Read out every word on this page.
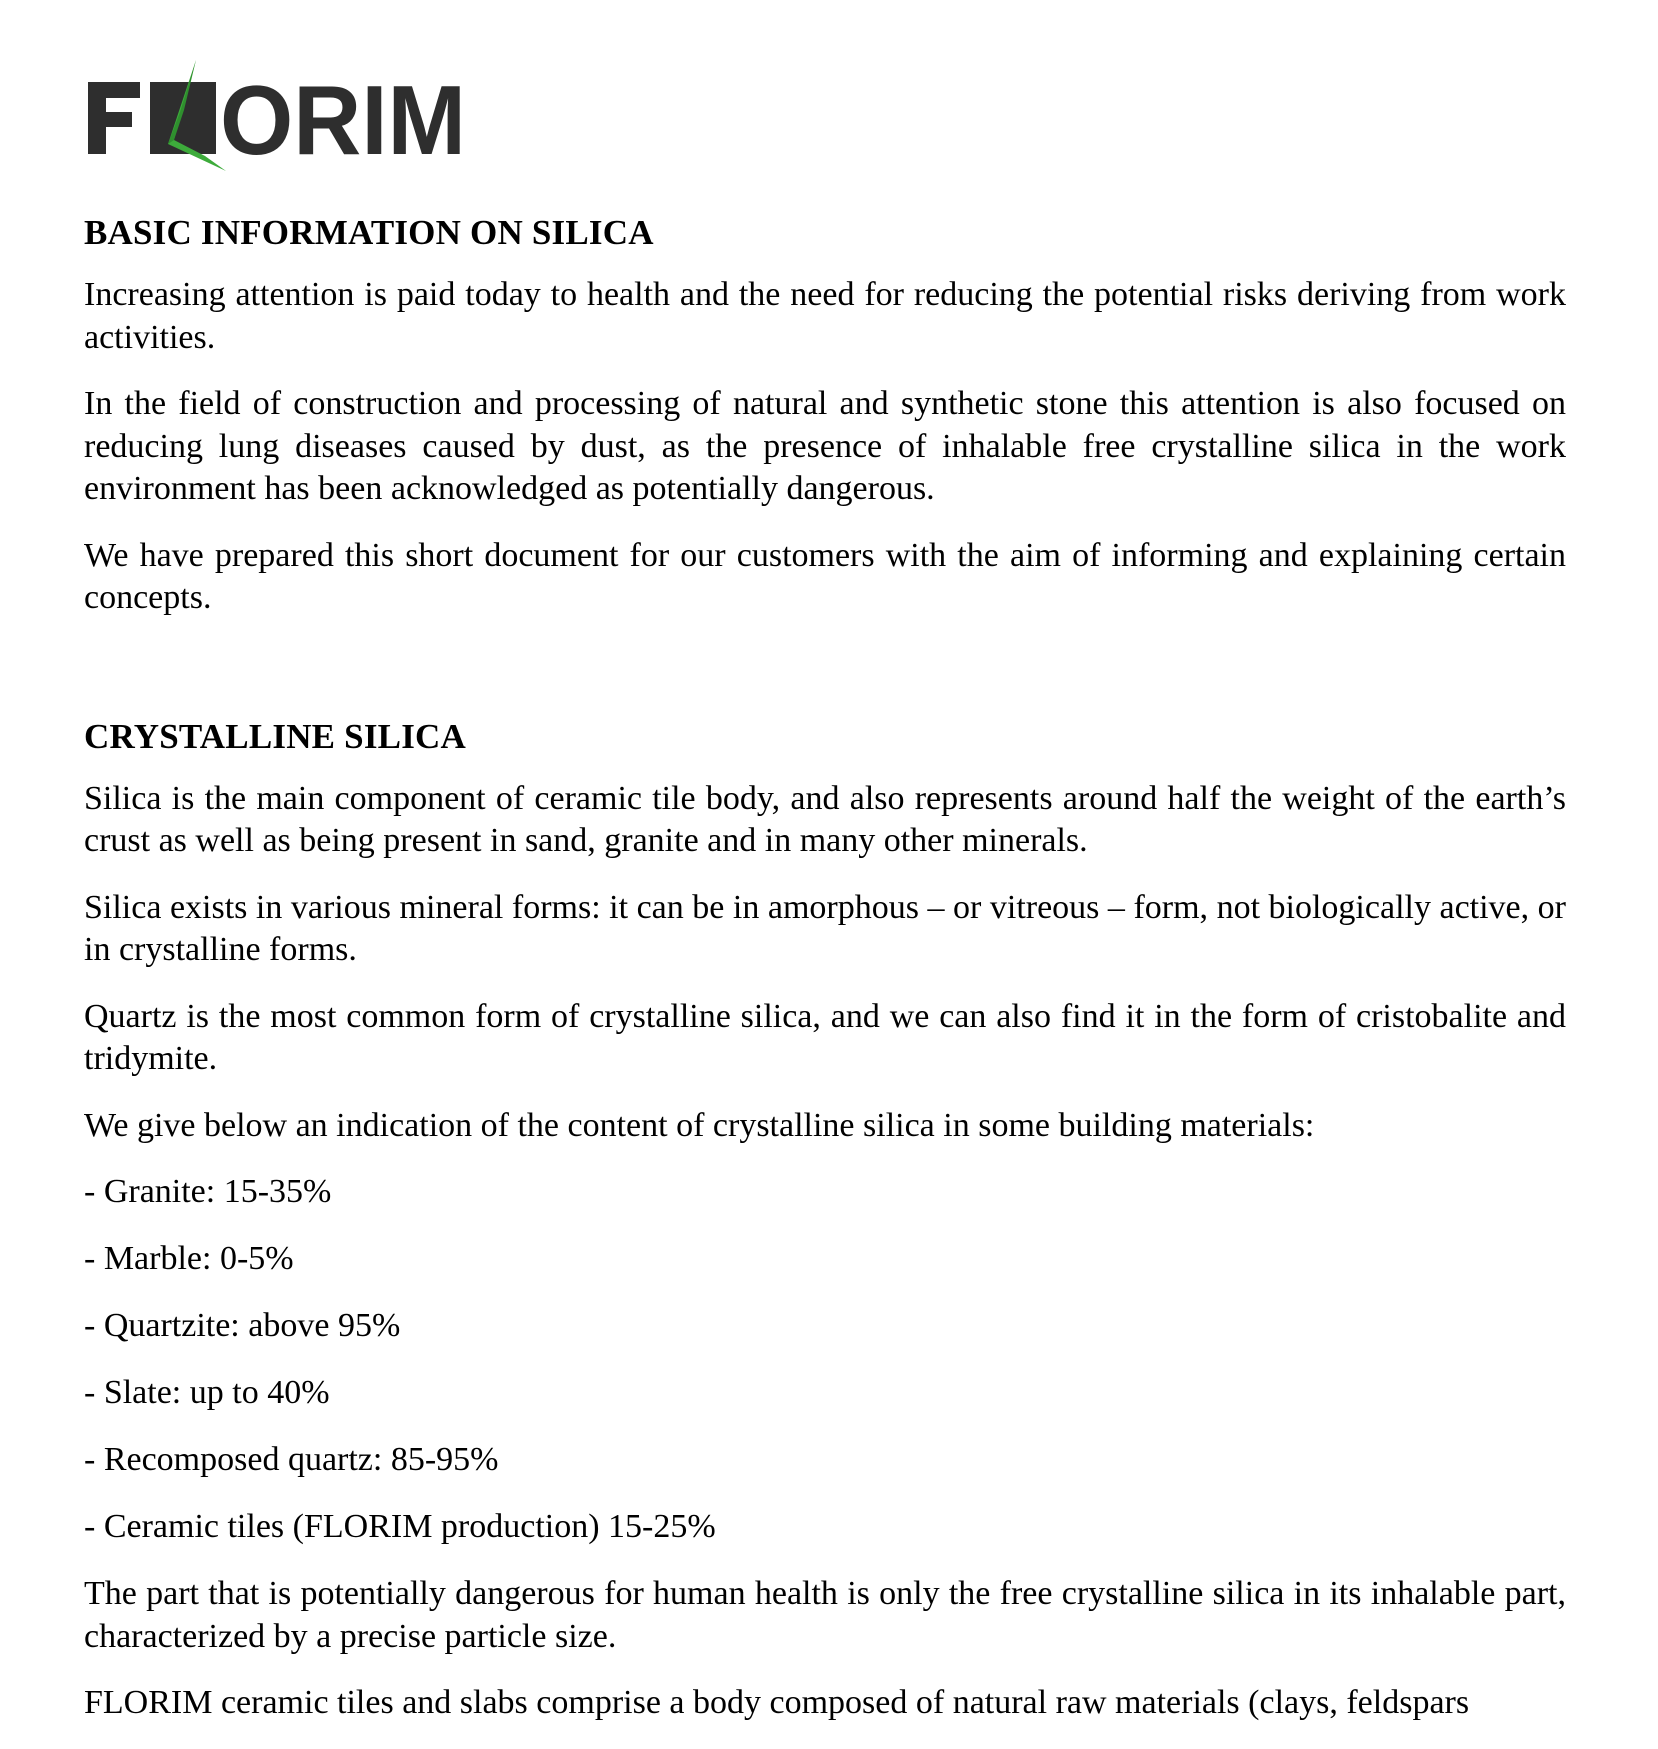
ORIM
BASIC INFORMATION ON SILICA

Increasing attention is paid today to health and the need for reducing the potential risks deriving from work activities.

In the field of construction and processing of natural and synthetic stone this attention is also focused on reducing lung diseases caused by dust, as the presence of inhalable free crystalline silica in the work environment has been acknowledged as potentially dangerous.

We have prepared this short document for our customers with the aim of informing and explaining certain concepts.

CRYSTALLINE SILICA

Silica is the main component of ceramic tile body, and also represents around half the weight of the earth’s crust as well as being present in sand, granite and in many other minerals.

Silica exists in various mineral forms: it can be in amorphous – or vitreous – form, not biologically active, or in crystalline forms.

Quartz is the most common form of crystalline silica, and we can also find it in the form of cristobalite and tridymite.

We give below an indication of the content of crystalline silica in some building materials:

- Granite: 15-35%
- Marble: 0-5%
- Quartzite: above 95%
- Slate: up to 40%
- Recomposed quartz: 85-95%
- Ceramic tiles (FLORIM production) 15-25%

The part that is potentially dangerous for human health is only the free crystalline silica in its inhalable part, characterized by a precise particle size.

FLORIM ceramic tiles and slabs comprise a body composed of natural raw materials (clays, feldspars
